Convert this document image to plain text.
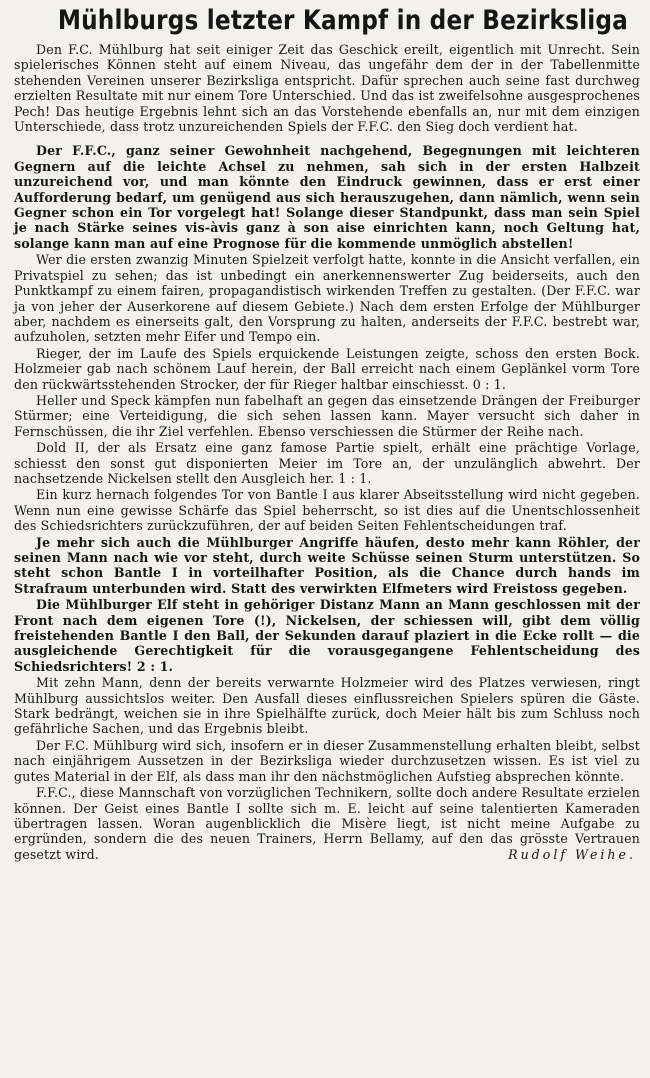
Mühlburgs letzter Kampf in der Bezirksliga

Den F.C. Mühlburg hat seit einiger Zeit das Geschick ereilt, eigentlich mit Unrecht. Sein spielerisches Können steht auf einem Niveau, das ungefähr dem der in der Tabellenmitte stehenden Vereinen unserer Bezirksliga entspricht. Dafür sprechen auch seine fast durchweg erzielten Resultate mit nur einem Tore Unterschied. Und das ist zweifelsohne ausgesprochenes Pech! Das heutige Ergebnis lehnt sich an das Vorstehende ebenfalls an, nur mit dem einzigen Unterschiede, dass trotz unzureichenden Spiels der F.F.C. den Sieg doch verdient hat.

Der F.F.C., ganz seiner Gewohnheit nachgehend, Begegnungen mit leichteren Gegnern auf die leichte Achsel zu nehmen, sah sich in der ersten Halbzeit unzureichend vor, und man könnte den Eindruck gewinnen, dass er erst einer Aufforderung bedarf, um genügend aus sich herauszugehen, dann nämlich, wenn sein Gegner schon ein Tor vorgelegt hat! Solange dieser Standpunkt, dass man sein Spiel je nach Stärke seines vis-àvis ganz à son aise einrichten kann, noch Geltung hat, solange kann man auf eine Prognose für die kommende unmöglich abstellen!

Wer die ersten zwanzig Minuten Spielzeit verfolgt hatte, konnte in die Ansicht verfallen, ein Privatspiel zu sehen; das ist unbedingt ein anerkennenswerter Zug beiderseits, auch den Punktkampf zu einem fairen, propagandistisch wirkenden Treffen zu gestalten. (Der F.F.C. war ja von jeher der Auserkorene auf diesem Gebiete.) Nach dem ersten Erfolge der Mühlburger aber, nachdem es einerseits galt, den Vorsprung zu halten, anderseits der F.F.C. bestrebt war, aufzuholen, setzten mehr Eifer und Tempo ein.

Rieger, der im Laufe des Spiels erquickende Leistungen zeigte, schoss den ersten Bock. Holzmeier gab nach schönem Lauf herein, der Ball erreicht nach einem Geplänkel vorm Tore den rückwärtsstehenden Strocker, der für Rieger haltbar einschiesst. 0 : 1.

Heller und Speck kämpfen nun fabelhaft an gegen das einsetzende Drängen der Freiburger Stürmer; eine Verteidigung, die sich sehen lassen kann. Mayer versucht sich daher in Fernschüssen, die ihr Ziel verfehlen. Ebenso verschiessen die Stürmer der Reihe nach.

Dold II, der als Ersatz eine ganz famose Partie spielt, erhält eine prächtige Vorlage, schiesst den sonst gut disponierten Meier im Tore an, der unzulänglich abwehrt. Der nachsetzende Nickelsen stellt den Ausgleich her. 1 : 1.

Ein kurz hernach folgendes Tor von Bantle I aus klarer Abseitsstellung wird nicht gegeben. Wenn nun eine gewisse Schärfe das Spiel beherrscht, so ist dies auf die Unentschlossenheit des Schiedsrichters zurückzuführen, der auf beiden Seiten Fehlentscheidungen traf.

Je mehr sich auch die Mühlburger Angriffe häufen, desto mehr kann Röhler, der seinen Mann nach wie vor steht, durch weite Schüsse seinen Sturm unterstützen. So steht schon Bantle I in vorteilhafter Position, als die Chance durch hands im Strafraum unterbunden wird. Statt des verwirkten Elfmeters wird Freistoss gegeben.

Die Mühlburger Elf steht in gehöriger Distanz Mann an Mann geschlossen mit der Front nach dem eigenen Tore (!), Nickelsen, der schiessen will, gibt dem völlig freistehenden Bantle I den Ball, der Sekunden darauf plaziert in die Ecke rollt — die ausgleichende Gerechtigkeit für die vorausgegangene Fehlentscheidung des Schiedsrichters! 2 : 1.

Mit zehn Mann, denn der bereits verwarnte Holzmeier wird des Platzes verwiesen, ringt Mühlburg aussichtslos weiter. Den Ausfall dieses einflussreichen Spielers spüren die Gäste. Stark bedrängt, weichen sie in ihre Spielhälfte zurück, doch Meier hält bis zum Schluss noch gefährliche Sachen, und das Ergebnis bleibt.

Der F.C. Mühlburg wird sich, insofern er in dieser Zusammenstellung erhalten bleibt, selbst nach einjährigem Aussetzen in der Bezirksliga wieder durchzusetzen wissen. Es ist viel zu gutes Material in der Elf, als dass man ihr den nächstmöglichen Aufstieg absprechen könnte.

F.F.C., diese Mannschaft von vorzüglichen Technikern, sollte doch andere Resultate erzielen können. Der Geist eines Bantle I sollte sich m. E. leicht auf seine talentierten Kameraden übertragen lassen. Woran augenblicklich die Misère liegt, ist nicht meine Aufgabe zu ergründen, sondern die des neuen Trainers, Herrn Bellamy, auf den das grösste Vertrauen gesetzt wird.	Rudolf Weihe.
